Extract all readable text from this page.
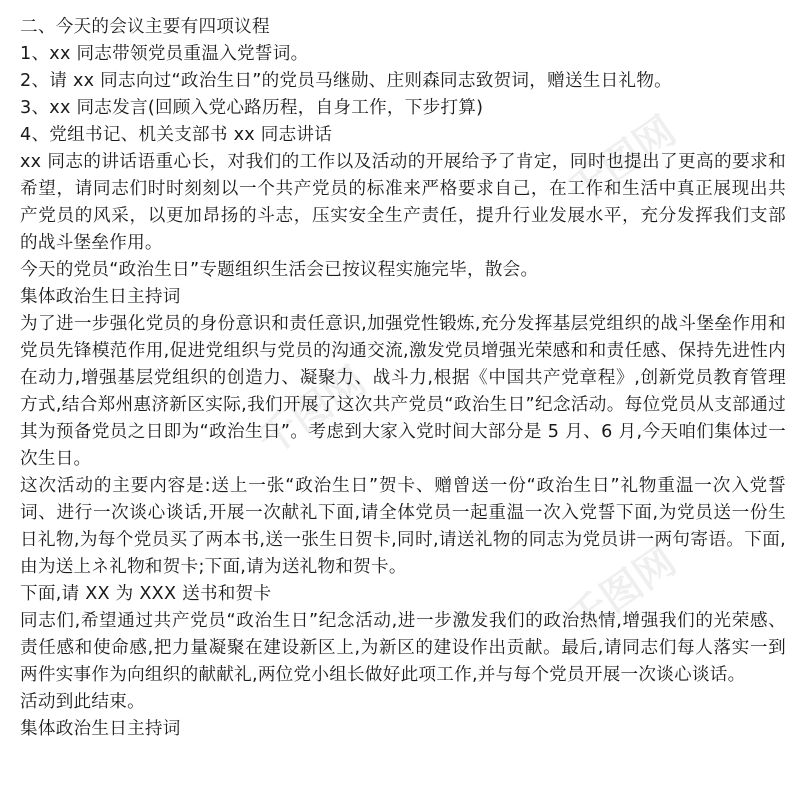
二、今天的会议主要有四项议程
1、xx 同志带领党员重温入党誓词。
2、请 xx 同志向过“政治生日”的党员马继勋、庄则森同志致贺词，赠送生日礼物。
3、xx 同志发言(回顾入党心路历程，自身工作，下步打算)
4、党组书记、机关支部书 xx 同志讲话
xx 同志的讲话语重心长，对我们的工作以及活动的开展给予了肯定，同时也提出了更高的要求和希望，请同志们时时刻刻以一个共产党员的标准来严格要求自己，在工作和生活中真正展现出共产党员的风采，以更加昂扬的斗志，压实安全生产责任，提升行业发展水平，充分发挥我们支部的战斗堡垒作用。
今天的党员“政治生日”专题组织生活会已按议程实施完毕，散会。
集体政治生日主持词
为了进一步强化党员的身份意识和责任意识,加强党性锻炼,充分发挥基层党组织的战斗堡垒作用和党员先锋模范作用,促进党组织与党员的沟通交流,激发党员增强光荣感和和责任感、保持先进性内在动力,增强基层党组织的创造力、凝聚力、战斗力,根据《中国共产党章程》,创新党员教育管理方式,结合郑州惠济新区实际,我们开展了这次共产党员“政治生日”纪念活动。每位党员从支部通过其为预备党员之日即为“政治生日”。考虑到大家入党时间大部分是 5 月、6 月,今天咱们集体过一次生日。
这次活动的主要内容是:送上一张“政治生日”贺卡、赠曾送一份“政治生日”礼物重温一次入党誓词、进行一次谈心谈话,开展一次献礼下面,请全体党员一起重温一次入党誓下面,为党员送一份生日礼物,为每个党员买了两本书,送一张生日贺卡,同时,请送礼物的同志为党员讲一两句寄语。下面,由为送上ネ礼物和贺卡;下面,请为送礼物和贺卡。
下面,请 XX 为 XXX 送书和贺卡
同志们,希望通过共产党员“政治生日”纪念活动,进一步激发我们的政治热情,增强我们的光荣感、责任感和使命感,把力量凝聚在建设新区上,为新区的建设作出贡献。最后,请同志们每人落实一到两件实事作为向组织的献献礼,两位党小组长做好此项工作,并与每个党员开展一次谈心谈话。
活动到此结束。
集体政治生日主持词
千图网
千图网
千图网
